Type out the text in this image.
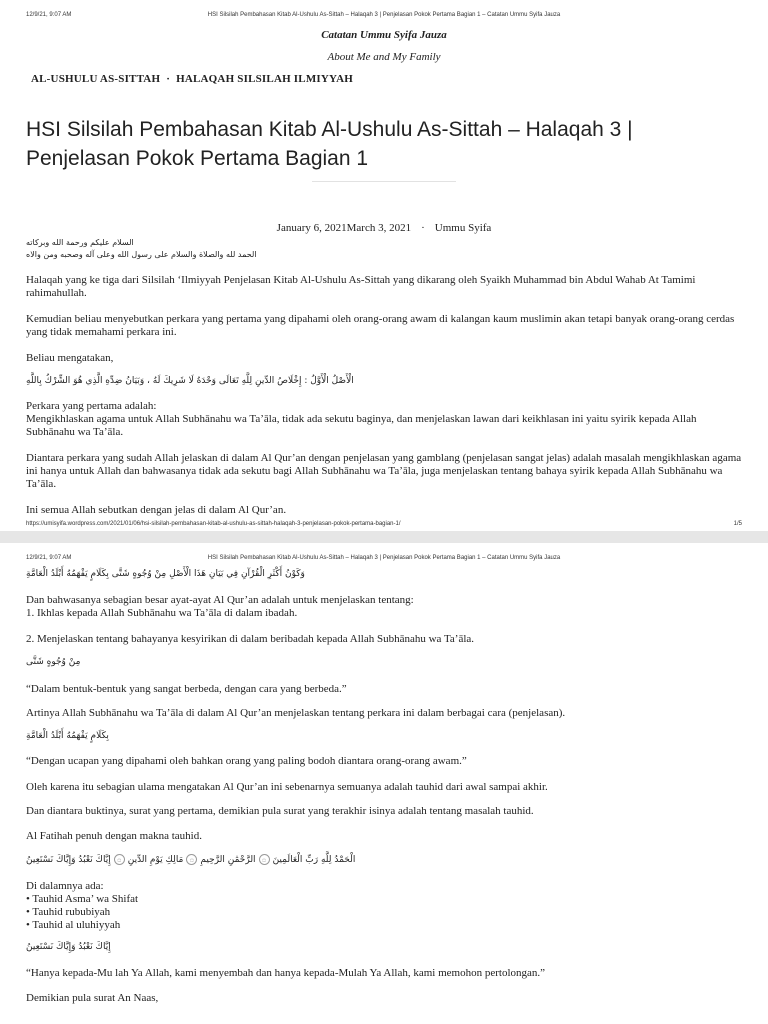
12/9/21, 9:07 AM	HSI Silsilah Pembahasan Kitab Al-Ushulu As-Sittah – Halaqah 3 | Penjelasan Pokok Pertama Bagian 1 – Catatan Ummu Syifa Jauza
Catatan Ummu Syifa Jauza
About Me and My Family
AL-USHULU AS-SITTAH · HALAQAH SILSILAH ILMIYYAH
HSI Silsilah Pembahasan Kitab Al-Ushulu As-Sittah – Halaqah 3 | Penjelasan Pokok Pertama Bagian 1
January 6, 2021March 3, 2021 · Ummu Syifa
السلام عليكم ورحمة الله وبركاته
الحمد لله والصلاة والسلام على رسول الله وعلى آله وصحبه ومن والاه

Halaqah yang ke tiga dari Silsilah ‘Ilmiyyah Penjelasan Kitab Al-Ushulu As-Sittah yang dikarang oleh Syaikh Muhammad bin Abdul Wahab At Tamimi rahimahullah.

Kemudian beliau menyebutkan perkara yang pertama yang dipahami oleh orang-orang awam di kalangan kaum muslimin akan tetapi banyak orang-orang cerdas yang tidak memahami perkara ini.

Beliau mengatakan,

الْأَصْلُ الْأَوَّلُ : إِخْلَاصُ الدِّينِ لِلَّهِ تَعَالَى وَحْدَهُ لَا شَرِيكَ لَهُ ، وَبَيَانُ ضِدِّهِ الَّذِي هُوَ الشِّرْكُ بِاللَّهِ

Perkara yang pertama adalah:
Mengikhlaskan agama untuk Allah Subhānahu wa Ta’āla, tidak ada sekutu baginya, dan menjelaskan lawan dari keikhlasan ini yaitu syirik kepada Allah Subhānahu wa Ta’āla.

Diantara perkara yang sudah Allah jelaskan di dalam Al Qur’an dengan penjelasan yang gamblang (penjelasan sangat jelas) adalah masalah mengikhlaskan agama ini hanya untuk Allah dan bahwasanya tidak ada sekutu bagi Allah Subhānahu wa Ta’āla, juga menjelaskan tentang bahaya syirik kepada Allah Subhānahu wa Ta’āla.

Ini semua Allah sebutkan dengan jelas di dalam Al Qur’an.

https://umisyifa.wordpress.com/2021/01/06/hsi-silsilah-pembahasan-kitab-al-ushulu-as-sittah-halaqah-3-penjelasan-pokok-pertama-bagian-1/	1/5
12/9/21, 9:07 AM	HSI Silsilah Pembahasan Kitab Al-Ushulu As-Sittah – Halaqah 3 | Penjelasan Pokok Pertama Bagian 1 – Catatan Ummu Syifa Jauza
وَكَوْنُ أَكْثَرِ الْقُرْآنِ فِي بَيَانِ هَذَا الْأَصْلِ مِنْ وُجُوهٍ شَتَّى بِكَلَامٍ يَفْهَمُهُ أَبْلَدُ الْعَامَّةِ

Dan bahwasanya sebagian besar ayat-ayat Al Qur’an adalah untuk menjelaskan tentang:
1. Ikhlas kepada Allah Subhānahu wa Ta’āla di dalam ibadah.

2. Menjelaskan tentang bahayanya kesyirikan di dalam beribadah kepada Allah Subhānahu wa Ta’āla.

مِنْ وُجُوهٍ شَتَّى

“Dalam bentuk-bentuk yang sangat berbeda, dengan cara yang berbeda.”

Artinya Allah Subhānahu wa Ta’āla di dalam Al Qur’an menjelaskan tentang perkara ini dalam berbagai cara (penjelasan).

بِكَلَامٍ يَفْهَمُهُ أَبْلَدُ الْعَامَّةِ

“Dengan ucapan yang dipahami oleh bahkan orang yang paling bodoh diantara orang-orang awam.”

Oleh karena itu sebagian ulama mengatakan Al Qur’an ini sebenarnya semuanya adalah tauhid dari awal sampai akhir.

Dan diantara buktinya, surat yang pertama, demikian pula surat yang terakhir isinya adalah tentang masalah tauhid.

Al Fatihah penuh dengan makna tauhid.

الْحَمْدُ لِلَّهِ رَبِّ الْعَالَمِينَ۝الرَّحْمَٰنِ الرَّحِيمِ۝مَالِكِ يَوْمِ الدِّينِ۝إِيَّاكَ نَعْبُدُ وَإِيَّاكَ نَسْتَعِينُ

Di dalamnya ada:
• Tauhid Asma’ wa Shifat
• Tauhid rububiyah
• Tauhid al uluhiyyah

إِيَّاكَ نَعْبُدُ وَإِيَّاكَ نَسْتَعِينُ

“Hanya kepada-Mu lah Ya Allah, kami menyembah dan hanya kepada-Mulah Ya Allah, kami memohon pertolongan.”

Demikian pula surat An Naas,
